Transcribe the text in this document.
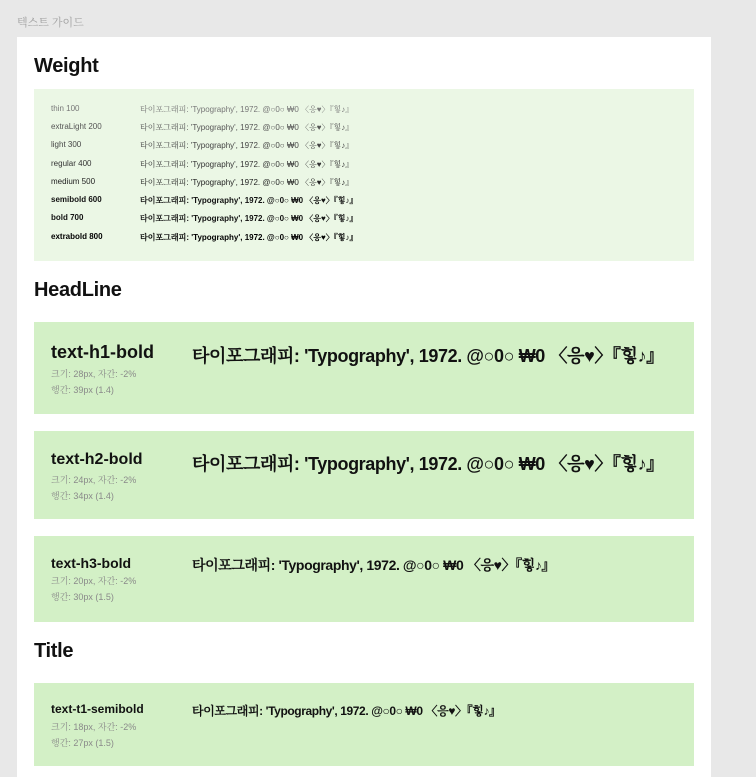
텍스트 가이드
Weight
thin 100	타이포그래피: 'Typography', 1972. @○0○ ₩0 〈응♥〉『힣♪』
extraLight 200	타이포그래피: 'Typography', 1972. @○0○ ₩0 〈응♥〉『힣♪』
light 300	타이포그래피: 'Typography', 1972. @○0○ ₩0 〈응♥〉『힣♪』
regular 400	타이포그래피: 'Typography', 1972. @○0○ ₩0 〈응♥〉『힣♪』
medium 500	타이포그래피: 'Typography', 1972. @○0○ ₩0 〈응♥〉『힣♪』
semibold 600	타이포그래피: 'Typography', 1972. @○0○ ₩0 〈응♥〉『힣♪』
bold 700	타이포그래피: 'Typography', 1972. @○0○ ₩0 〈응♥〉『힣♪』
extrabold 800	타이포그래피: 'Typography', 1972. @○0○ ₩0 〈응♥〉『힣♪』
HeadLine
text-h1-bold
크기: 28px, 자간: -2%
행간: 39px (1.4)
타이포그래피: 'Typography', 1972. @○0○ ₩0 〈응♥〉『힣♪』
text-h2-bold
크기: 24px, 자간: -2%
행간: 34px (1.4)
타이포그래피: 'Typography', 1972. @○0○ ₩0 〈응♥〉『힣♪』
text-h3-bold
크기: 20px, 자간: -2%
행간: 30px (1.5)
타이포그래피: 'Typography', 1972. @○0○ ₩0 〈응♥〉『힣♪』
Title
text-t1-semibold
크기: 18px, 자간: -2%
행간: 27px (1.5)
타이포그래피: 'Typography', 1972. @○0○ ₩0 〈응♥〉『힣♪』
